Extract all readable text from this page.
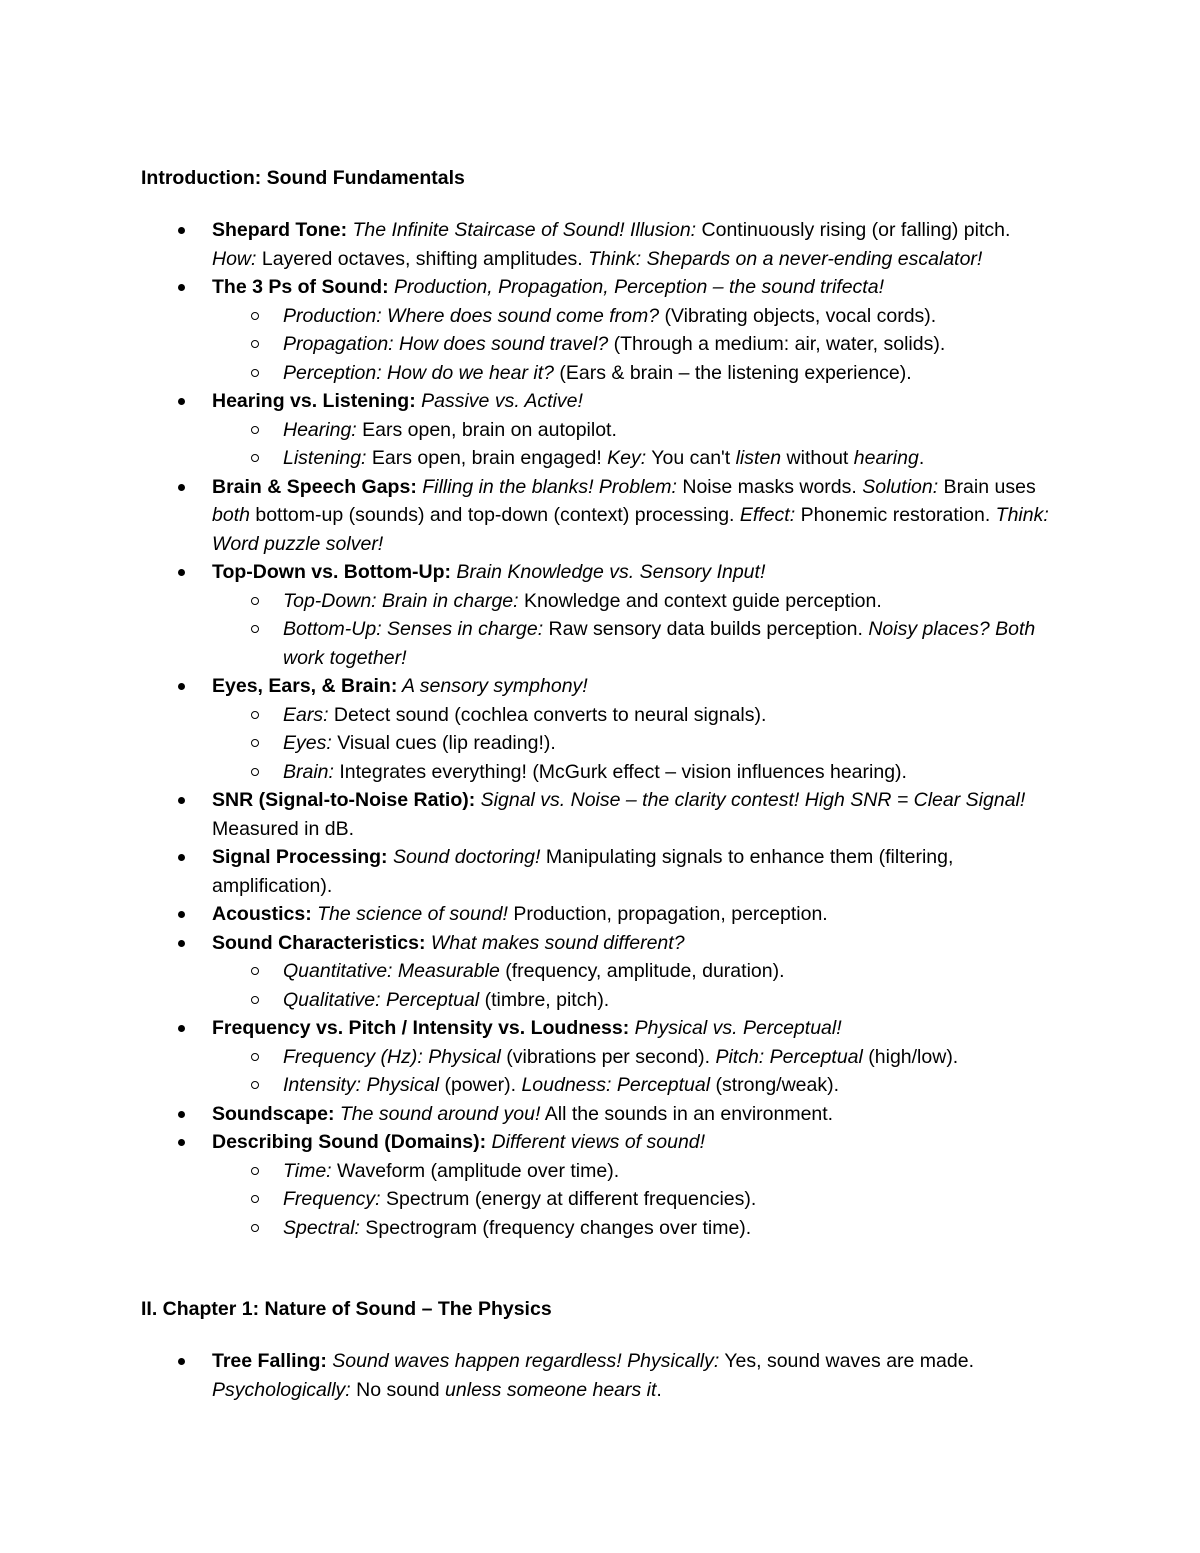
Introduction: Sound Fundamentals
Shepard Tone: The Infinite Staircase of Sound! Illusion: Continuously rising (or falling) pitch. How: Layered octaves, shifting amplitudes. Think: Shepards on a never-ending escalator!
The 3 Ps of Sound: Production, Propagation, Perception – the sound trifecta!
Production: Where does sound come from? (Vibrating objects, vocal cords).
Propagation: How does sound travel? (Through a medium: air, water, solids).
Perception: How do we hear it? (Ears & brain – the listening experience).
Hearing vs. Listening: Passive vs. Active!
Hearing: Ears open, brain on autopilot.
Listening: Ears open, brain engaged! Key: You can't listen without hearing.
Brain & Speech Gaps: Filling in the blanks! Problem: Noise masks words. Solution: Brain uses both bottom-up (sounds) and top-down (context) processing. Effect: Phonemic restoration. Think: Word puzzle solver!
Top-Down vs. Bottom-Up: Brain Knowledge vs. Sensory Input!
Top-Down: Brain in charge: Knowledge and context guide perception.
Bottom-Up: Senses in charge: Raw sensory data builds perception. Noisy places? Both work together!
Eyes, Ears, & Brain: A sensory symphony!
Ears: Detect sound (cochlea converts to neural signals).
Eyes: Visual cues (lip reading!).
Brain: Integrates everything! (McGurk effect – vision influences hearing).
SNR (Signal-to-Noise Ratio): Signal vs. Noise – the clarity contest! High SNR = Clear Signal! Measured in dB.
Signal Processing: Sound doctoring! Manipulating signals to enhance them (filtering, amplification).
Acoustics: The science of sound! Production, propagation, perception.
Sound Characteristics: What makes sound different?
Quantitative: Measurable (frequency, amplitude, duration).
Qualitative: Perceptual (timbre, pitch).
Frequency vs. Pitch / Intensity vs. Loudness: Physical vs. Perceptual!
Frequency (Hz): Physical (vibrations per second). Pitch: Perceptual (high/low).
Intensity: Physical (power). Loudness: Perceptual (strong/weak).
Soundscape: The sound around you! All the sounds in an environment.
Describing Sound (Domains): Different views of sound!
Time: Waveform (amplitude over time).
Frequency: Spectrum (energy at different frequencies).
Spectral: Spectrogram (frequency changes over time).
II. Chapter 1: Nature of Sound – The Physics
Tree Falling: Sound waves happen regardless! Physically: Yes, sound waves are made. Psychologically: No sound unless someone hears it.
